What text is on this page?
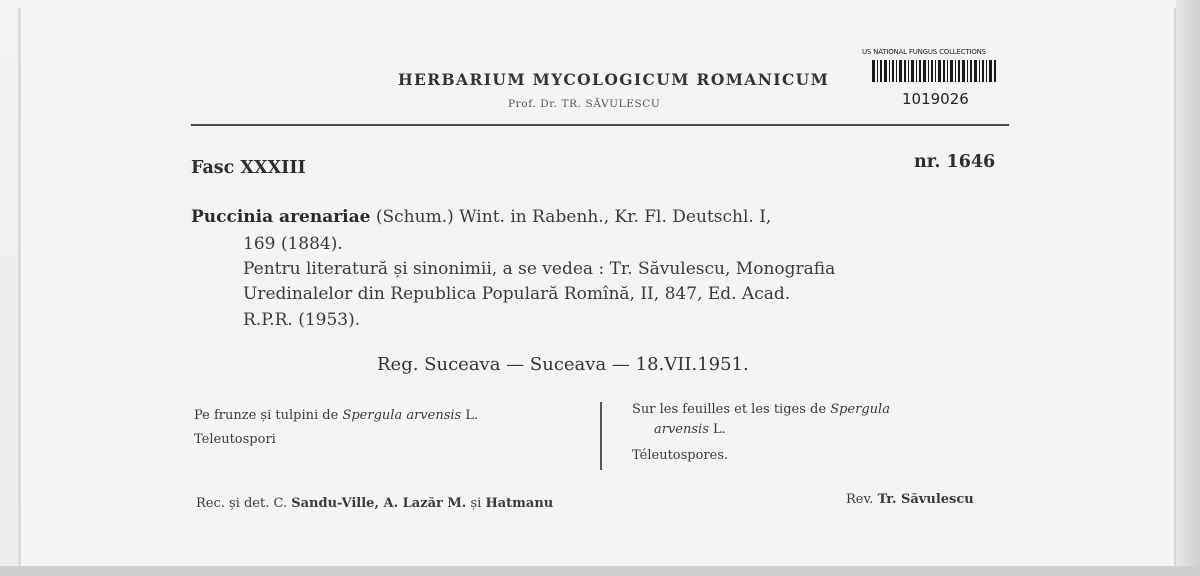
HERBARIUM MYCOLOGICUM ROMANICUM
Prof. Dr. TR. SĂVULESCU
US NATIONAL FUNGUS COLLECTIONS
1019026
Fasc XXXIII	nr. 1646
Puccinia arenariae (Schum.) Wint. in Rabenh., Kr. Fl. Deutschl. I,
169 (1884).
Pentru literatură și sinonimii, a se vedea : Tr. Săvulescu, Monografia
Uredinalelor din Republica Populară Romînă, II, 847, Ed. Acad.
R.P.R. (1953).
Reg. Suceava — Suceava — 18.VII.1951.
Pe frunze și tulpini de Spergula arvensis L.
Teleutospori
Sur les feuilles et les tiges de Spergula
arvensis L.
Téleutospores.
Rec. și det. C. Sandu-Ville, A. Lazăr M. și Hatmanu	Rev. Tr. Săvulescu
